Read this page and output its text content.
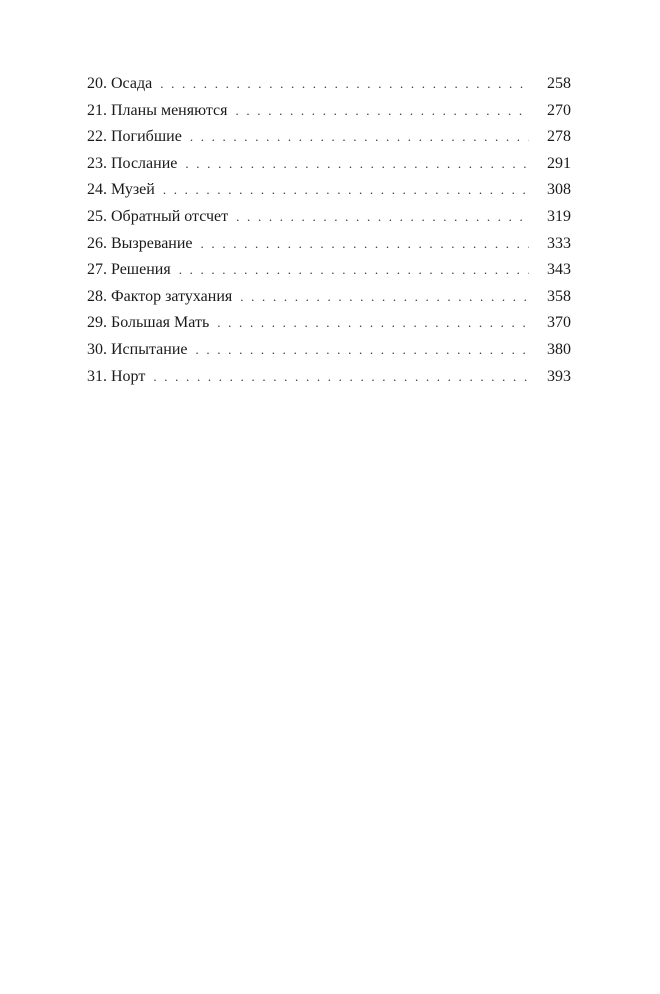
20. Осада . . .	258
21. Планы меняются . . .	270
22. Погибшие . . .	278
23. Послание . . .	291
24. Музей . . .	308
25. Обратный отсчет . . .	319
26. Вызревание . . .	333
27. Решения . . .	343
28. Фактор затухания . . .	358
29. Большая Мать . . .	370
30. Испытание . . .	380
31. Норт . . .	393
